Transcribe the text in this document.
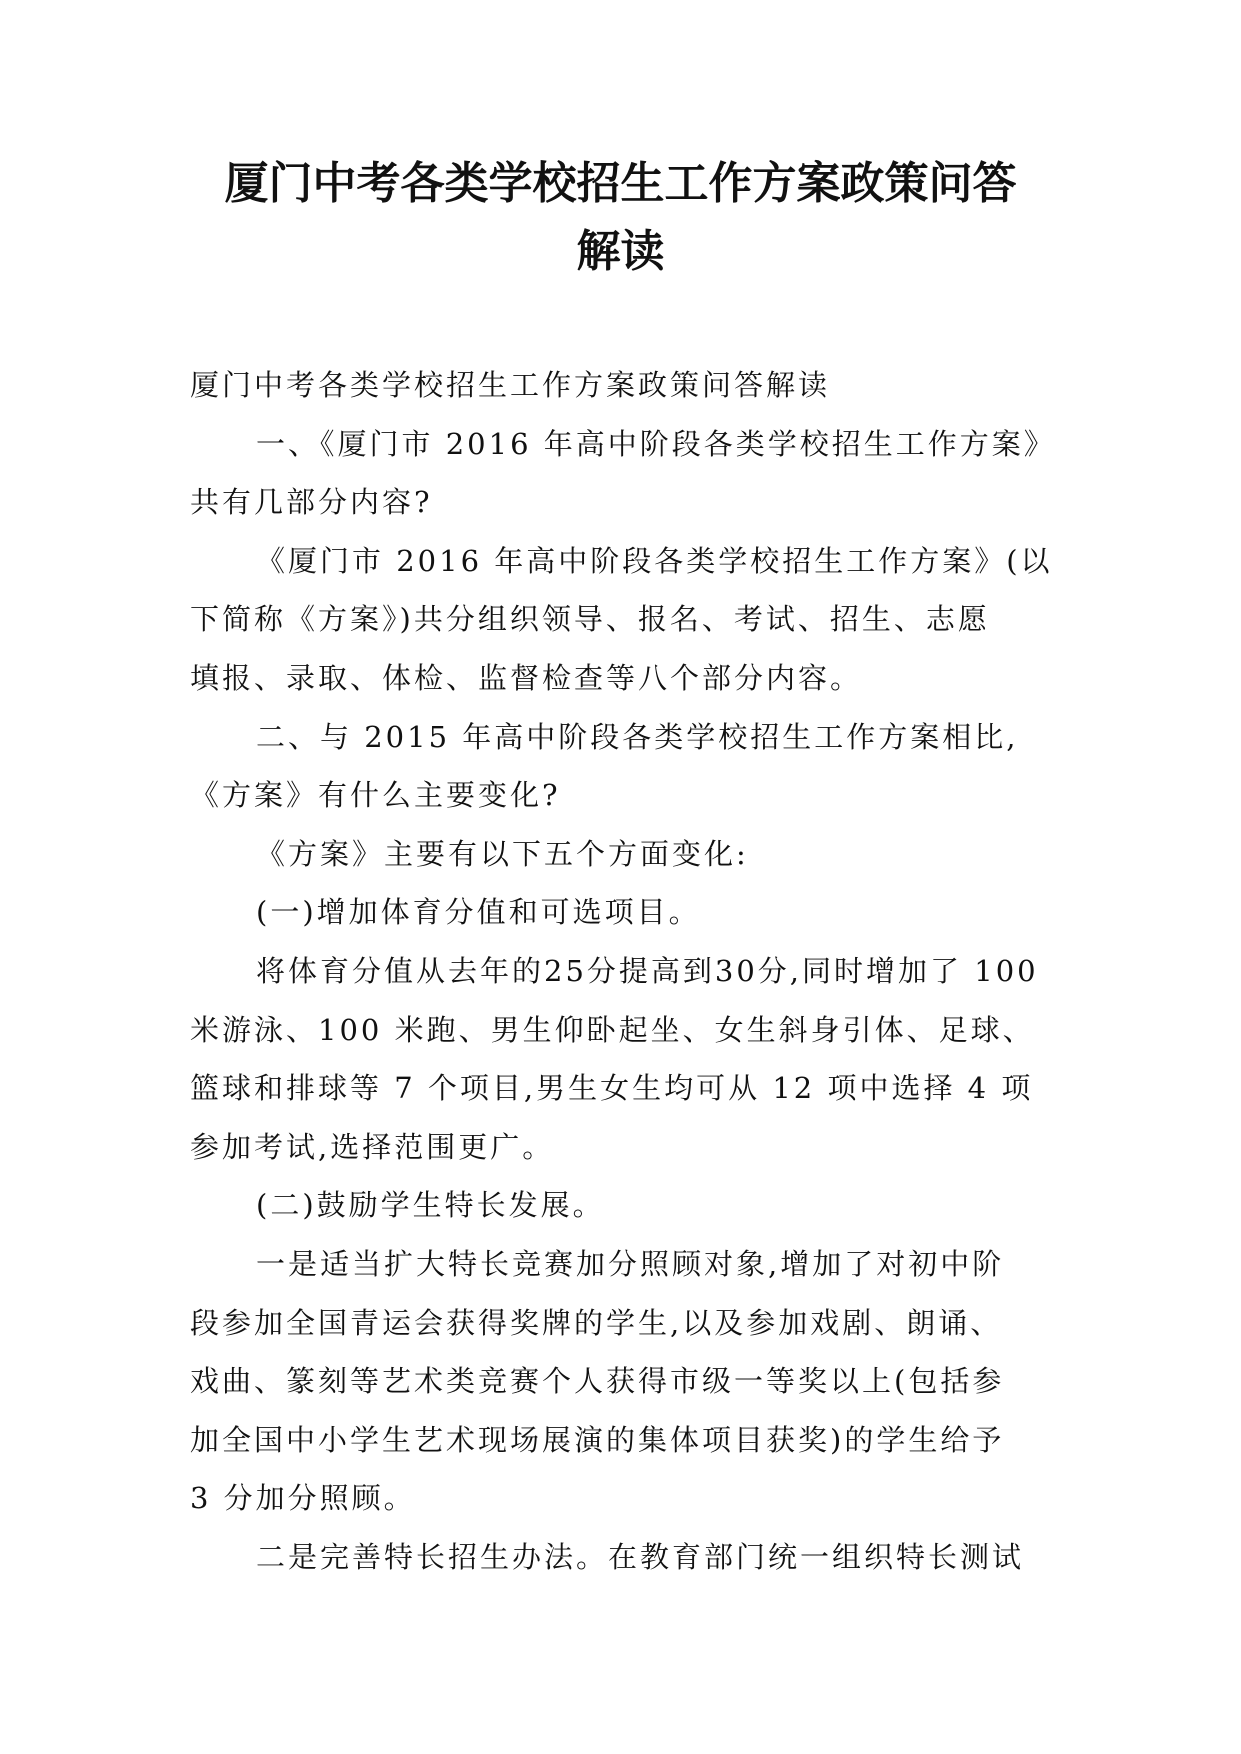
厦门中考各类学校招生工作方案政策问答
解读
厦门中考各类学校招生工作方案政策问答解读
一、《厦门市 2016 年高中阶段各类学校招生工作方案》
共有几部分内容?
《厦门市 2016 年高中阶段各类学校招生工作方案》(以
下简称《方案》)共分组织领导、报名、考试、招生、志愿
填报、录取、体检、监督检查等八个部分内容。
二、与 2015 年高中阶段各类学校招生工作方案相比,
《方案》有什么主要变化?
《方案》主要有以下五个方面变化:
(一)增加体育分值和可选项目。
将体育分值从去年的25分提高到30分,同时增加了 100
米游泳、100 米跑、男生仰卧起坐、女生斜身引体、足球、
篮球和排球等 7 个项目,男生女生均可从 12 项中选择 4 项
参加考试,选择范围更广。
(二)鼓励学生特长发展。
一是适当扩大特长竞赛加分照顾对象,增加了对初中阶
段参加全国青运会获得奖牌的学生,以及参加戏剧、朗诵、
戏曲、篆刻等艺术类竞赛个人获得市级一等奖以上(包括参
加全国中小学生艺术现场展演的集体项目获奖)的学生给予
3 分加分照顾。
二是完善特长招生办法。在教育部门统一组织特长测试
